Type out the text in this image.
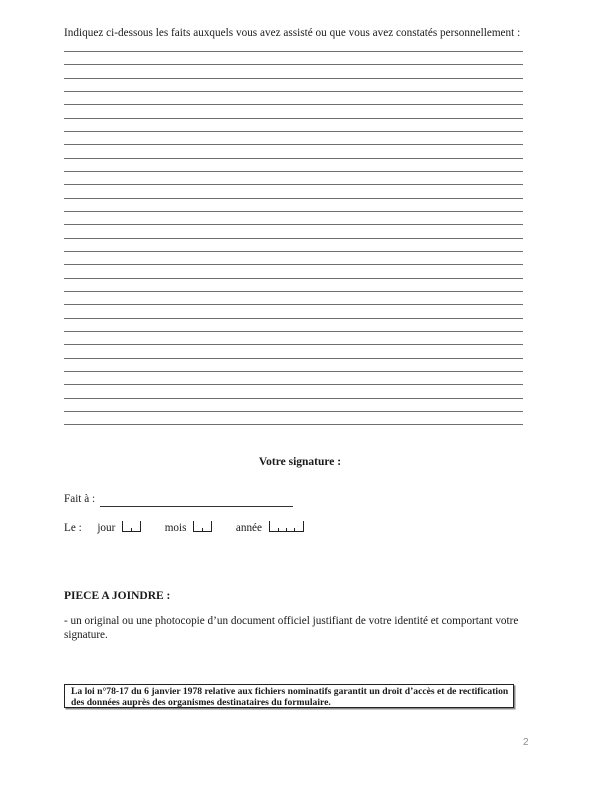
Indiquez ci-dessous les faits auxquels vous avez assisté ou que vous avez constatés personnellement :
Votre signature :
Fait à :
Le : jour	mois	année
PIECE A JOINDRE :
- un original ou une photocopie d’un document officiel justifiant de votre identité et comportant votre signature.
La loi n°78-17 du 6 janvier 1978 relative aux fichiers nominatifs garantit un droit d’accès et de rectification
des données auprès des organismes destinataires du formulaire.
2
